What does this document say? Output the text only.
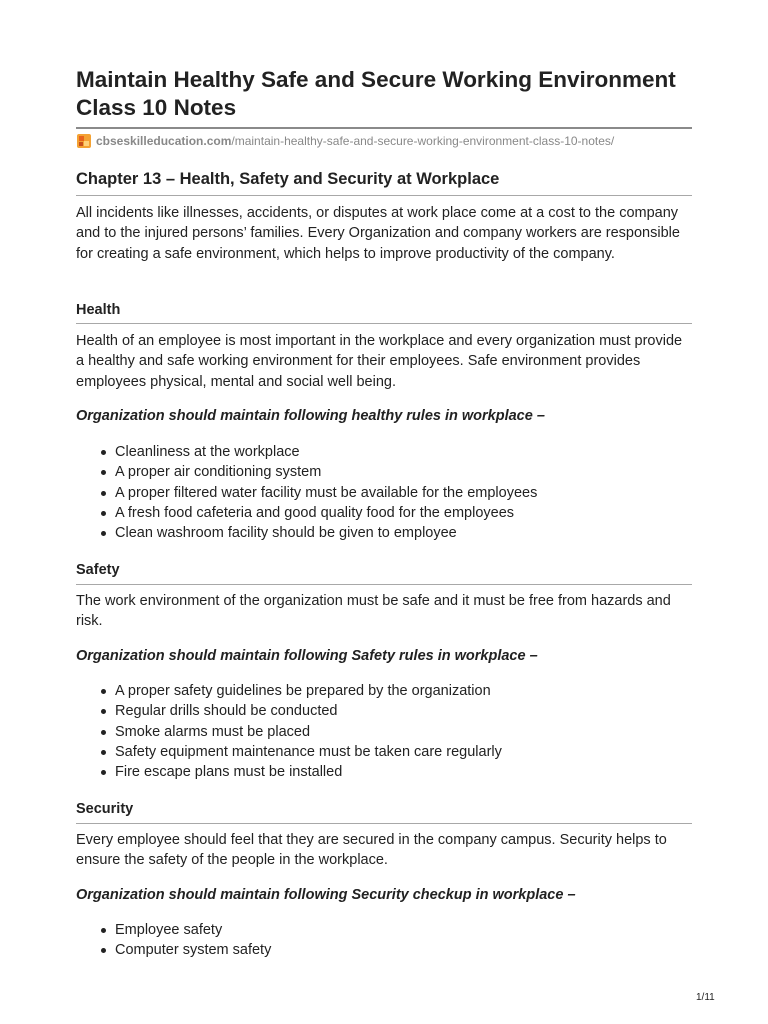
Maintain Healthy Safe and Secure Working Environment Class 10 Notes
cbseskilleducation.com /maintain-healthy-safe-and-secure-working-environment-class-10-notes/
Chapter 13 – Health, Safety and Security at Workplace

All incidents like illnesses, accidents, or disputes at work place come at a cost to the company and to the injured persons’ families. Every Organization and company workers are responsible for creating a safe environment, which helps to improve productivity of the company.

Health

Health of an employee is most important in the workplace and every organization must provide a healthy and safe working environment for their employees. Safe environment provides employees physical, mental and social well being.

Organization should maintain following healthy rules in workplace –

Cleanliness at the workplace
A proper air conditioning system
A proper filtered water facility must be available for the employees
A fresh food cafeteria and good quality food for the employees
Clean washroom facility should be given to employee
Safety

The work environment of the organization must be safe and it must be free from hazards and risk.

Organization should maintain following Safety rules in workplace –

A proper safety guidelines be prepared by the organization
Regular drills should be conducted
Smoke alarms must be placed
Safety equipment maintenance must be taken care regularly
Fire escape plans must be installed
Security

Every employee should feel that they are secured in the company campus. Security helps to ensure the safety of the people in the workplace.

Organization should maintain following Security checkup in workplace –

Employee safety
Computer system safety
1/11
